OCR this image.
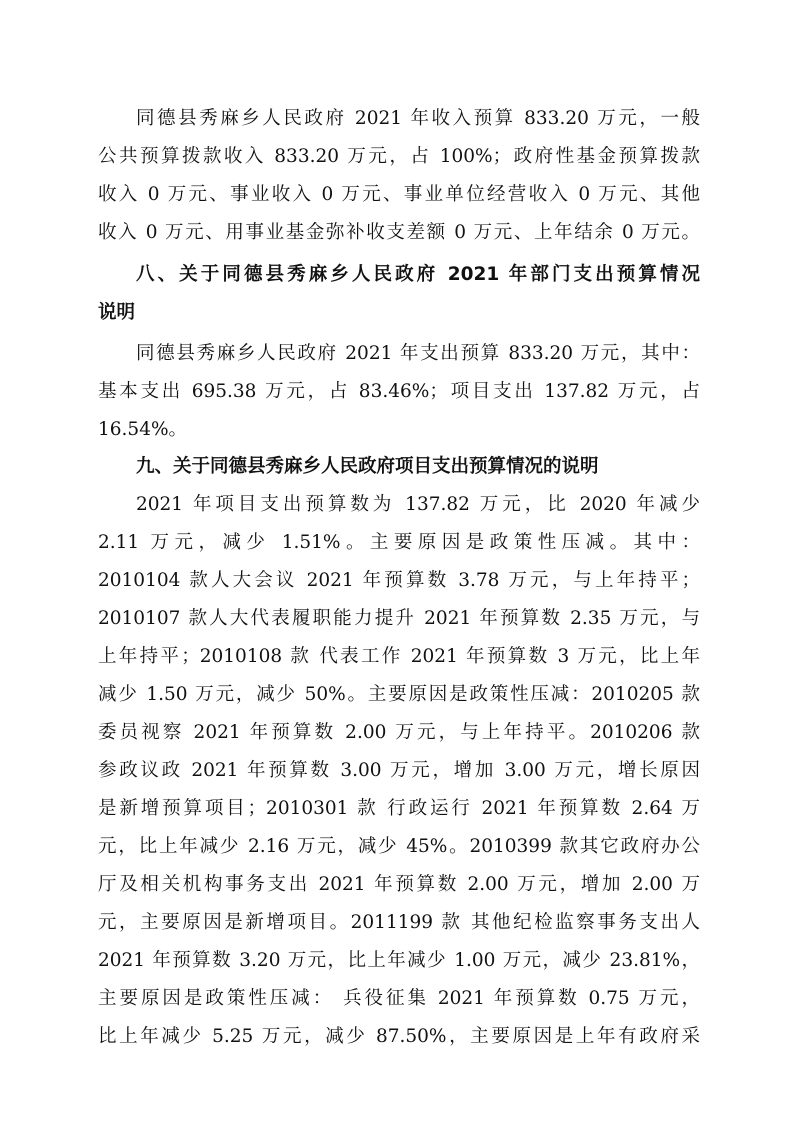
同德县秀麻乡人民政府 2021 年收入预算 833.20 万元，一般
公共预算拨款收入 833.20 万元，占 100%；政府性基金预算拨款
收入 0 万元、事业收入 0 万元、事业单位经营收入 0 万元、其他
收入 0 万元、用事业基金弥补收支差额 0 万元、上年结余 0 万元。
八、关于同德县秀麻乡人民政府 2021 年部门支出预算情况
说明
同德县秀麻乡人民政府 2021 年支出预算 833.20 万元，其中：
基本支出 695.38 万元，占 83.46%；项目支出 137.82 万元，占
16.54%。
九、关于同德县秀麻乡人民政府项目支出预算情况的说明
2021 年项目支出预算数为 137.82 万元，比 2020 年减少
2.11 万元，减少 1.51%。主要原因是政策性压减。其中：
2010104 款人大会议 2021 年预算数 3.78 万元，与上年持平；
2010107 款人大代表履职能力提升 2021 年预算数 2.35 万元，与
上年持平；2010108 款 代表工作 2021 年预算数 3 万元，比上年
减少 1.50 万元，减少 50%。主要原因是政策性压减：2010205 款
委员视察 2021 年预算数 2.00 万元，与上年持平。2010206 款
参政议政 2021 年预算数 3.00 万元，增加 3.00 万元，增长原因
是新增预算项目；2010301 款 行政运行 2021 年预算数 2.64 万
元，比上年减少 2.16 万元，减少 45%。2010399 款其它政府办公
厅及相关机构事务支出 2021 年预算数 2.00 万元，增加 2.00 万
元，主要原因是新增项目。2011199 款 其他纪检监察事务支出人
2021 年预算数 3.20 万元，比上年减少 1.00 万元，减少 23.81%，
主要原因是政策性压减： 兵役征集 2021 年预算数 0.75 万元，
比上年减少 5.25 万元，减少 87.50%，主要原因是上年有政府采
